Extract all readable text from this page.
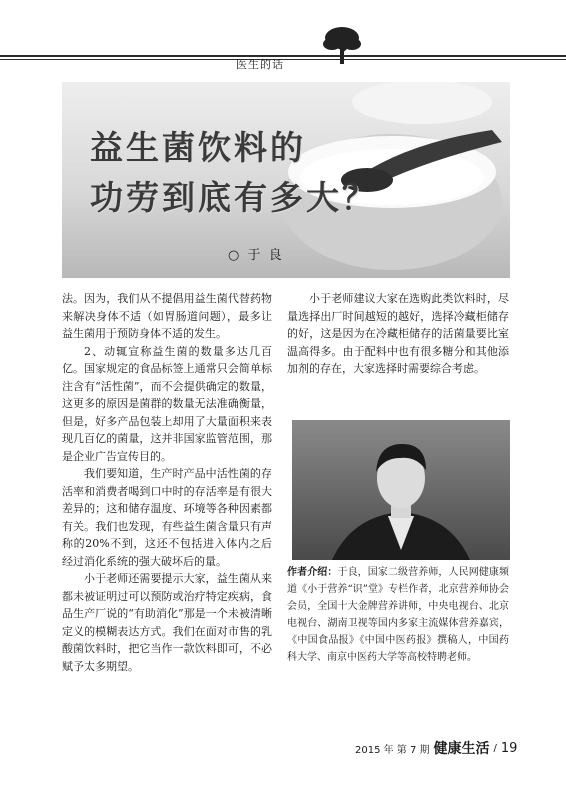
医生的话
益生菌饮料的
功劳到底有多大？
○ 于 良

法。因为，我们从不提倡用益生菌代替药物来解决身体不适（如胃肠道问题），最多让益生菌用于预防身体不适的发生。

2、动辄宣称益生菌的数量多达几百亿。国家规定的食品标签上通常只会简单标注含有“活性菌”，而不会提供确定的数量，这更多的原因是菌群的数量无法准确衡量，但是，好多产品包装上却用了大量面积来表现几百亿的菌量，这并非国家监管范围，那是企业广告宣传目的。

我们要知道，生产时产品中活性菌的存活率和消费者喝到口中时的存活率是有很大差异的；这和储存温度、环境等各种因素都有关。我们也发现，有些益生菌含量只有声称的20%不到，这还不包括进入体内之后经过消化系统的强大破坏后的量。

小于老师还需要提示大家，益生菌从来都未被证明过可以预防或治疗特定疾病，食品生产厂说的“有助消化”那是一个未被清晰定义的模糊表达方式。我们在面对市售的乳酸菌饮料时，把它当作一款饮料即可，不必赋予太多期望。

小于老师建议大家在选购此类饮料时，尽量选择出厂时间越短的越好，选择冷藏柜储存的好，这是因为在冷藏柜储存的活菌量要比室温高得多。由于配料中也有很多糖分和其他添加剂的存在，大家选择时需要综合考虑。

作者介绍：于良，国家二级营养师，人民网健康频道《小于营养“识”堂》专栏作者，北京营养师协会会员，全国十大金牌营养讲师，中央电视台、北京电视台、湖南卫视等国内多家主流媒体营养嘉宾，《中国食品报》《中国中医药报》撰稿人，中国药科大学、南京中医药大学等高校特聘老师。
2015 年 第 7 期 健康生活 / 19
